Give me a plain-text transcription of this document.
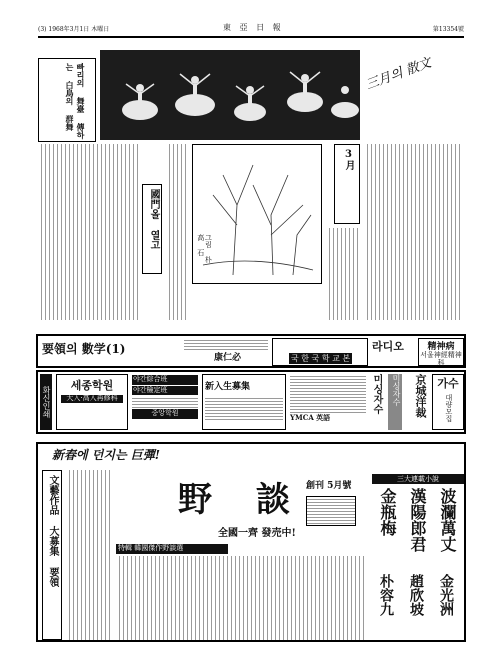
(3) 1968年3月1日 木曜日	東 亞 日 報	第13354號
빠리의 舞臺 傳하는 白鳥의 群舞	三月의 散文
國門올 열고	그림 朴 高 石
3月
要領의 數学(1)
康仁必	국 한 국 학 교 본
라디오	精神病
서울神經精神科
화신인쇄
세종학원
大入·高入再修科
야간綜合班
야간檢定班
중앙학원
新入生募集
YMCA 英語
미싱자수	미싱자수	京城洋裁 가수
대량모집
新春에 던지는 巨彈!
文藝作品 大募集 要領	野 談 創刊 5月號
全國一齊 發売中!
特輯 韓國傑作野談選
三大連載小說
金瓶梅 漢陽郎君 波瀾萬丈
朴容九 趙欣坡 金光洲
